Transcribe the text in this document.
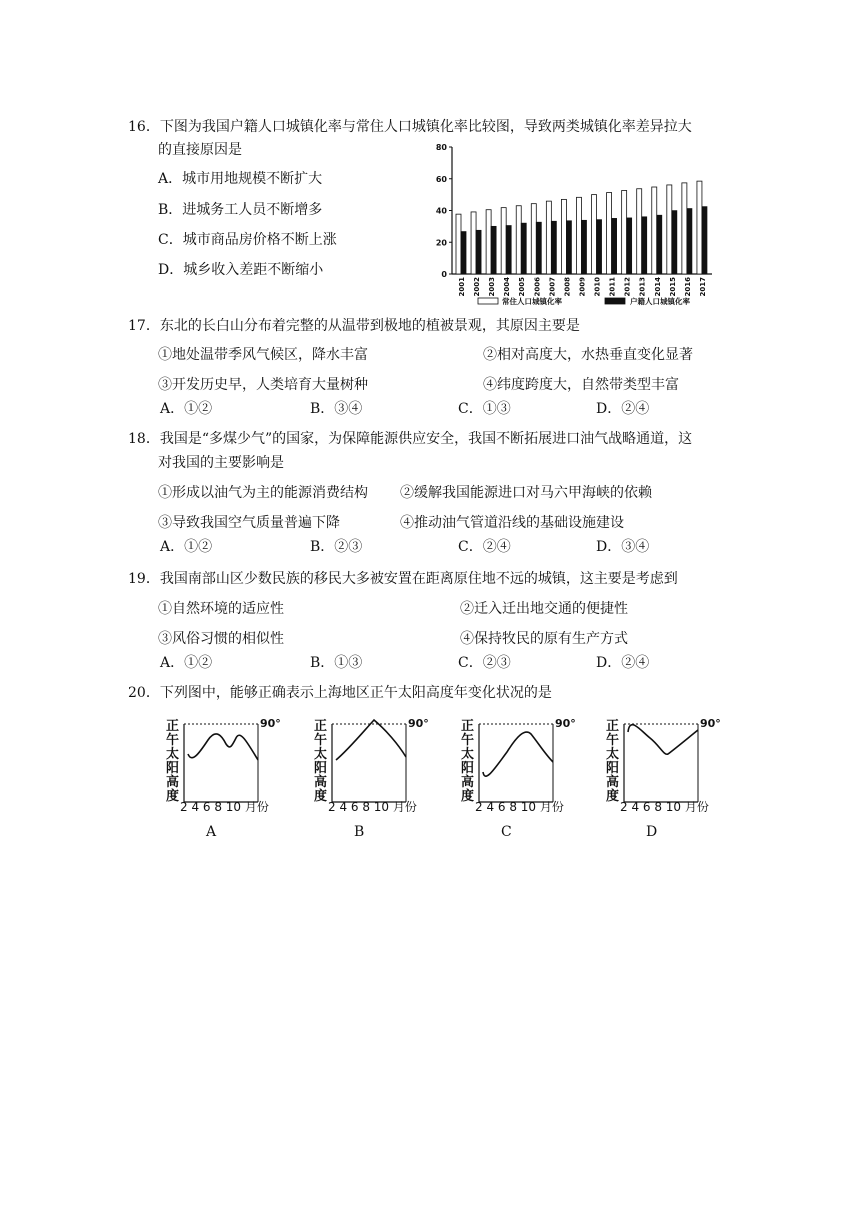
16．下图为我国户籍人口城镇化率与常住人口城镇化率比较图，导致两类城镇化率差异拉大
的直接原因是
A．城市用地规模不断扩大
B．进城务工人员不断增多
C．城市商品房价格不断上涨
D．城乡收入差距不断缩小	0
20
40
60
80
2001 2002 2003 2004 2005 2006 2007 2008 2009 2010 2011 2012 2013 2014 2015 2016 2017
常住人口城镇化率	户籍人口城镇化率
17．东北的长白山分布着完整的从温带到极地的植被景观，其原因主要是
①地处温带季风气候区，降水丰富	②相对高度大，水热垂直变化显著
③开发历史早，人类培育大量树种	④纬度跨度大，自然带类型丰富
A．①②	B．③④	C．①③	D．②④
18．我国是“多煤少气”的国家，为保障能源供应安全，我国不断拓展进口油气战略通道，这
对我国的主要影响是
①形成以油气为主的能源消费结构 ②缓解我国能源进口对马六甲海峡的依赖
③导致我国空气质量普遍下降	④推动油气管道沿线的基础设施建设
A．①②	B．②③	C．②④	D．③④
19．我国南部山区少数民族的移民大多被安置在距离原住地不远的城镇，这主要是考虑到
①自然环境的适应性	②迁入迁出地交通的便捷性
③风俗习惯的相似性	④保持牧民的原有生产方式
A．①②	B．①③	C．②③	D．②④
20．下列图中，能够正确表示上海地区正午太阳高度年变化状况的是
正
午
太
阳
高
度
90°
2 4 6 8 10 月份
A
正
午
太
阳
高
度
90°
2 4 6 8 10 月份
B
正
午
太
阳
高
度
90°
2 4 6 8 10 月份
C
正
午
太
阳
高
度
90°
2 4 6 8 10 月份
D
